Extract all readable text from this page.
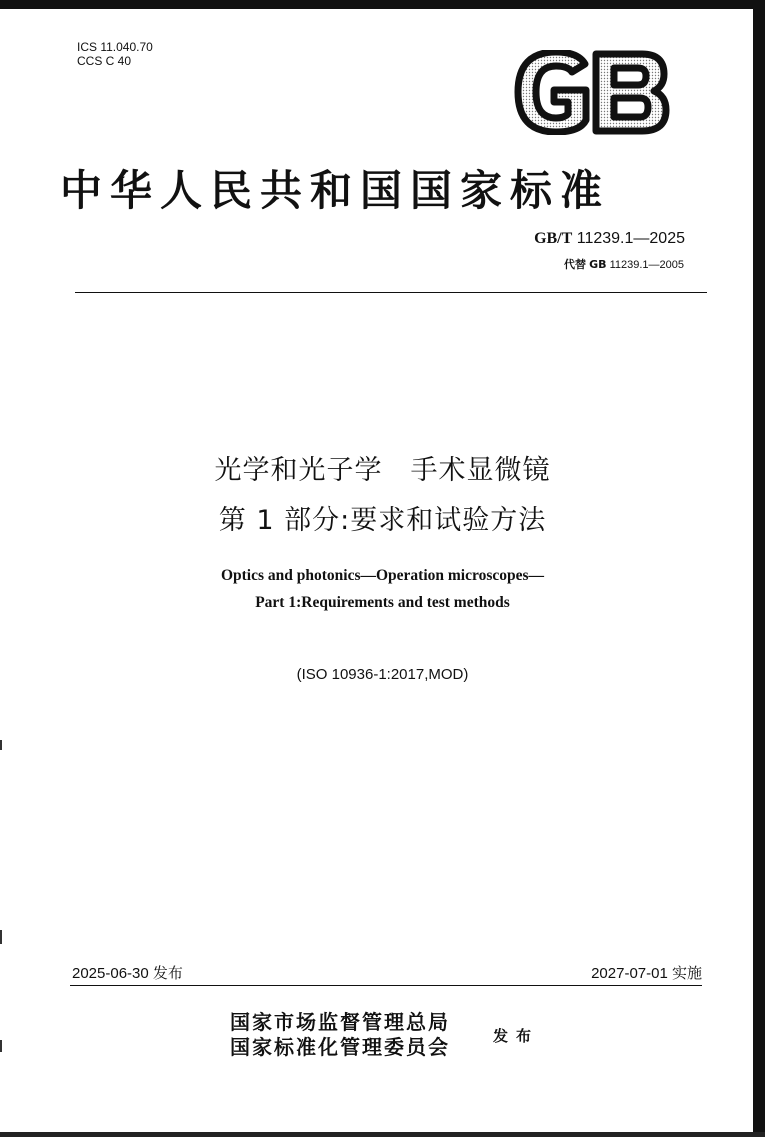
ICS 11.040.70
CCS C 40
中华人民共和国国家标准
GB/T 11239.1—2025
代替 GB 11239.1—2005
光学和光子学　手术显微镜
第 1 部分:要求和试验方法
Optics and photonics—Operation microscopes—
Part 1:Requirements and test methods
(ISO 10936-1:2017,MOD)
2025-06-30 发布	2027-07-01 实施
国家市场监督管理总局
国家标准化管理委员会	发布
